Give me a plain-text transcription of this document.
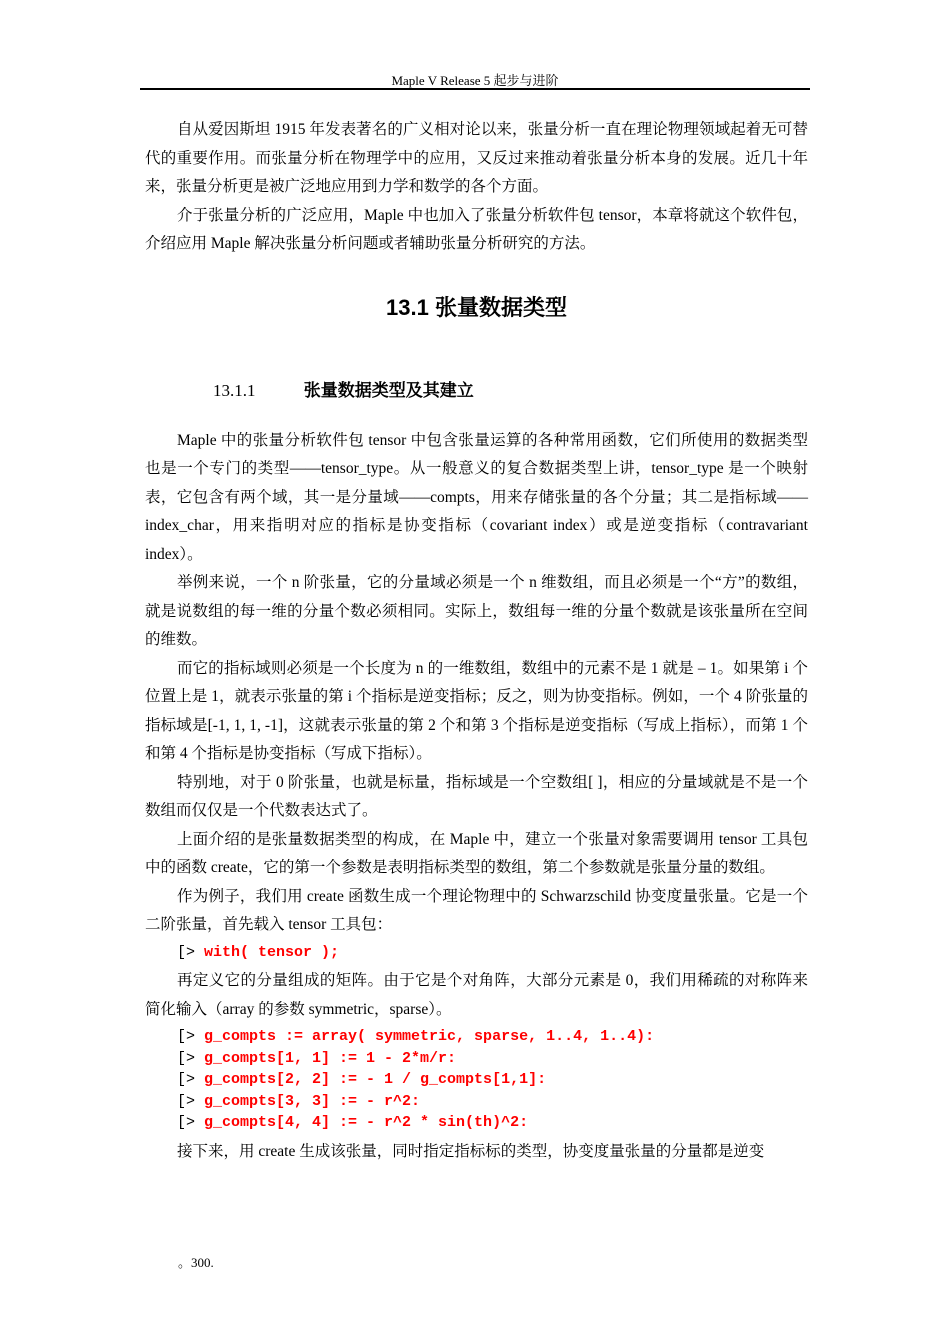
Maple V Release 5 起步与进阶

自从爱因斯坦 1915 年发表著名的广义相对论以来，张量分析一直在理论物理领域起着无可替代的重要作用。而张量分析在物理学中的应用，又反过来推动着张量分析本身的发展。近几十年来，张量分析更是被广泛地应用到力学和数学的各个方面。

介于张量分析的广泛应用，Maple 中也加入了张量分析软件包 tensor，本章将就这个软件包，介绍应用 Maple 解决张量分析问题或者辅助张量分析研究的方法。

13.1 张量数据类型
13.1.1	张量数据类型及其建立

Maple 中的张量分析软件包 tensor 中包含张量运算的各种常用函数，它们所使用的数据类型也是一个专门的类型——tensor_type。从一般意义的复合数据类型上讲，tensor_type 是一个映射表，它包含有两个域，其一是分量域——compts，用来存储张量的各个分量；其二是指标域——index_char，用来指明对应的指标是协变指标（covariant index）或是逆变指标（contravariant index）。

举例来说，一个 n 阶张量，它的分量域必须是一个 n 维数组，而且必须是一个“方”的数组，就是说数组的每一维的分量个数必须相同。实际上，数组每一维的分量个数就是该张量所在空间的维数。

而它的指标域则必须是一个长度为 n 的一维数组，数组中的元素不是 1 就是 – 1。如果第 i 个位置上是 1，就表示张量的第 i 个指标是逆变指标；反之，则为协变指标。例如，一个 4 阶张量的指标域是[-1, 1, 1, -1]，这就表示张量的第 2 个和第 3 个指标是逆变指标（写成上指标），而第 1 个和第 4 个指标是协变指标（写成下指标）。

特别地，对于 0 阶张量，也就是标量，指标域是一个空数组[ ]，相应的分量域就是不是一个数组而仅仅是一个代数表达式了。

上面介绍的是张量数据类型的构成，在 Maple 中，建立一个张量对象需要调用 tensor 工具包中的函数 create，它的第一个参数是表明指标类型的数组，第二个参数就是张量分量的数组。

作为例子，我们用 create 函数生成一个理论物理中的 Schwarzschild 协变度量张量。它是一个二阶张量，首先载入 tensor 工具包：

[> with( tensor );

再定义它的分量组成的矩阵。由于它是个对角阵，大部分元素是 0，我们用稀疏的对称阵来简化输入（array 的参数 symmetric，sparse）。

[> g_compts := array( symmetric, sparse, 1..4, 1..4):
[> g_compts[1, 1] := 1 - 2*m/r:
[> g_compts[2, 2] := - 1 / g_compts[1,1]:
[> g_compts[3, 3] := - r^2:
[> g_compts[4, 4] := - r^2 * sin(th)^2:

接下来，用 create 生成该张量，同时指定指标标的类型，协变度量张量的分量都是逆变

。300.
